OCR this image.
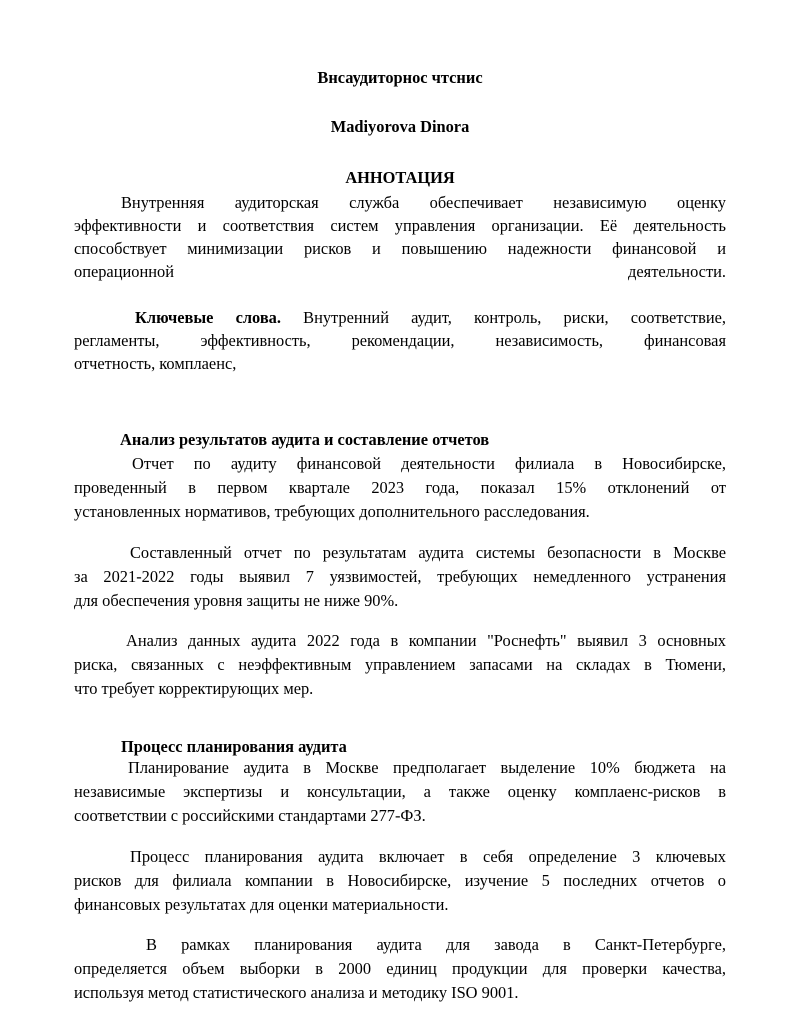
Внсаудиторнос чтснис
Madiyorova Dinora
АННОТАЦИЯ
Внутренняя аудиторская служба обеспечивает независимую оценку
эффективности и соответствия систем управления организации. Её деятельность
способствует минимизации рисков и повышению надежности финансовой и
операционной деятельности.
Ключевые слова. Внутренний аудит, контроль, риски, соответствие,
регламенты, эффективность, рекомендации, независимость, финансовая
отчетность, комплаенс,
Анализ результатов аудита и составление отчетов
Отчет по аудиту финансовой деятельности филиала в Новосибирске,
проведенный в первом квартале 2023 года, показал 15% отклонений от
установленных нормативов, требующих дополнительного расследования.
Составленный отчет по результатам аудита системы безопасности в Москве
за 2021-2022 годы выявил 7 уязвимостей, требующих немедленного устранения
для обеспечения уровня защиты не ниже 90%.
Анализ данных аудита 2022 года в компании "Роснефть" выявил 3 основных
риска, связанных с неэффективным управлением запасами на складах в Тюмени,
что требует корректирующих мер.
Процесс планирования аудита
Планирование аудита в Москве предполагает выделение 10% бюджета на
независимые экспертизы и консультации, а также оценку комплаенс-рисков в
соответствии с российскими стандартами 277-ФЗ.
Процесс планирования аудита включает в себя определение 3 ключевых
рисков для филиала компании в Новосибирске, изучение 5 последних отчетов о
финансовых результатах для оценки материальности.
В рамках планирования аудита для завода в Санкт-Петербурге,
определяется объем выборки в 2000 единиц продукции для проверки качества,
используя метод статистического анализа и методику ISO 9001.
